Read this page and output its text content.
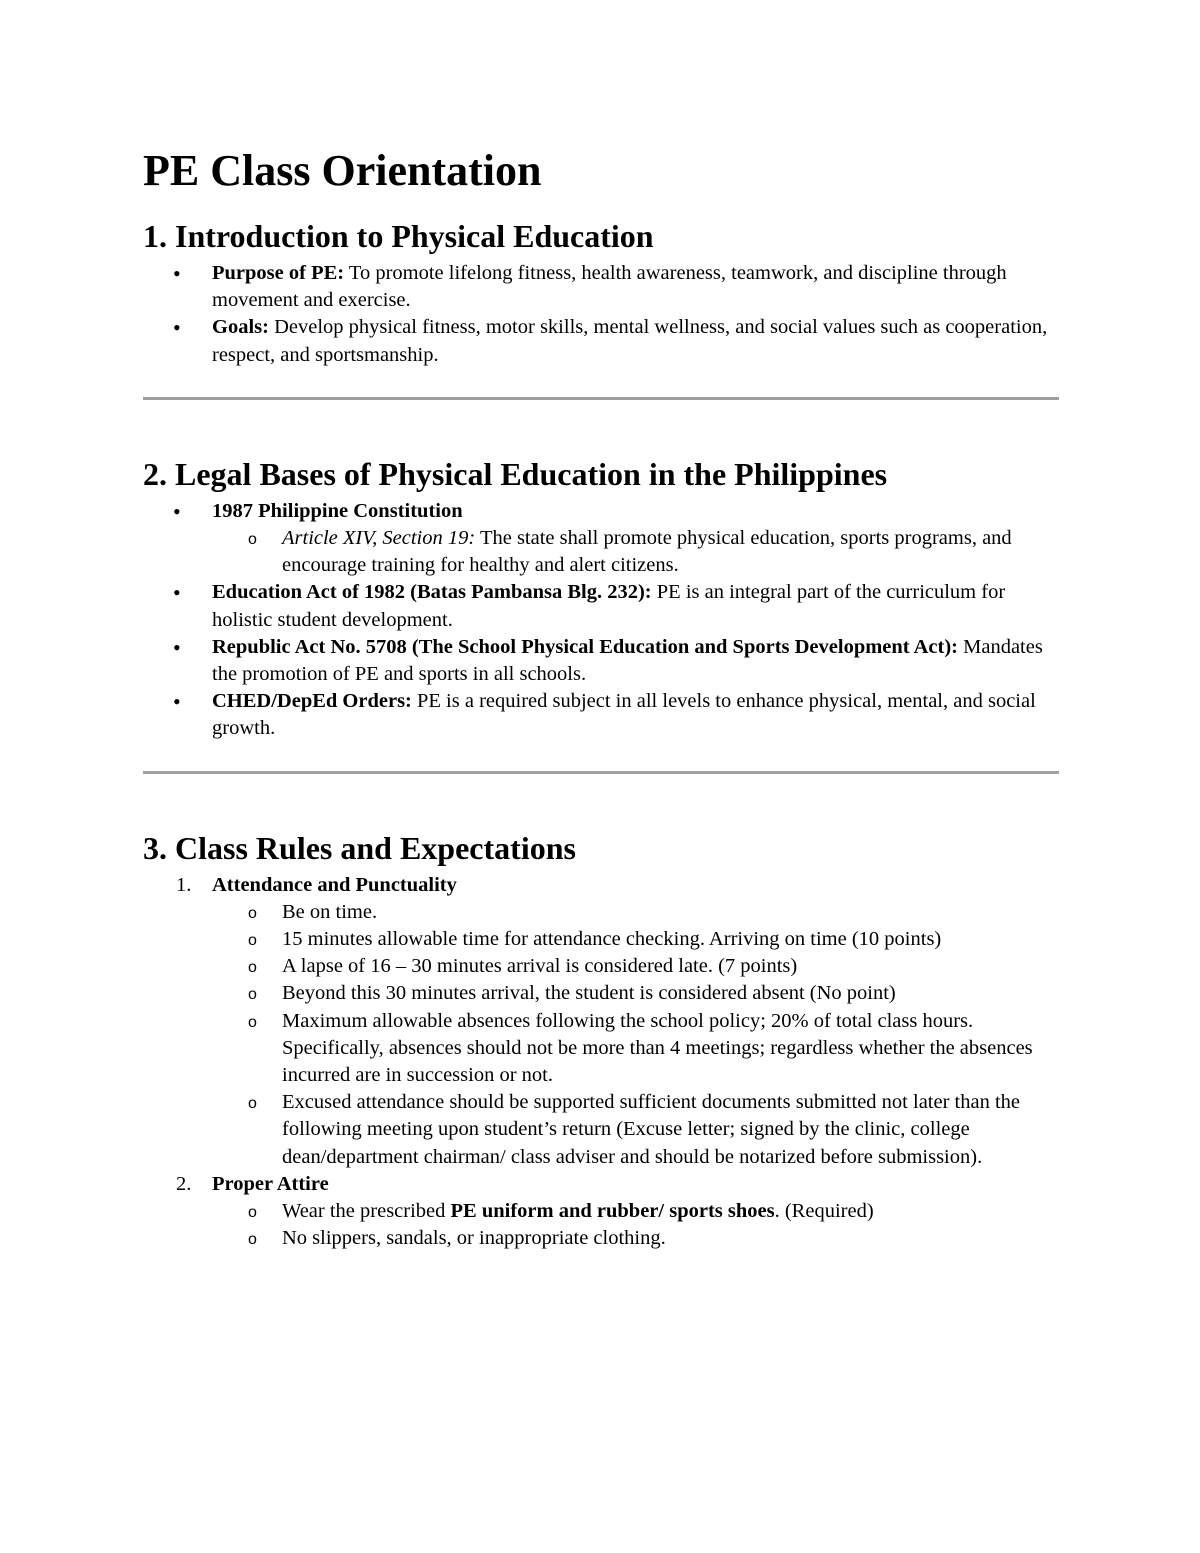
PE Class Orientation
1. Introduction to Physical Education
• Purpose of PE: To promote lifelong fitness, health awareness, teamwork, and discipline through movement and exercise.
• Goals: Develop physical fitness, motor skills, mental wellness, and social values such as cooperation, respect, and sportsmanship.
2. Legal Bases of Physical Education in the Philippines
• 1987 Philippine Constitution
o Article XIV, Section 19: The state shall promote physical education, sports programs, and encourage training for healthy and alert citizens.
• Education Act of 1982 (Batas Pambansa Blg. 232): PE is an integral part of the curriculum for holistic student development.
• Republic Act No. 5708 (The School Physical Education and Sports Development Act): Mandates the promotion of PE and sports in all schools.
• CHED/DepEd Orders: PE is a required subject in all levels to enhance physical, mental, and social growth.
3. Class Rules and Expectations
1. Attendance and Punctuality
o Be on time.
o 15 minutes allowable time for attendance checking. Arriving on time (10 points)
o A lapse of 16 – 30 minutes arrival is considered late. (7 points)
o Beyond this 30 minutes arrival, the student is considered absent (No point)
o Maximum allowable absences following the school policy; 20% of total class hours. Specifically, absences should not be more than 4 meetings; regardless whether the absences incurred are in succession or not.
o Excused attendance should be supported sufficient documents submitted not later than the following meeting upon student’s return (Excuse letter; signed by the clinic, college dean/department chairman/ class adviser and should be notarized before submission).
2. Proper Attire
o Wear the prescribed PE uniform and rubber/ sports shoes. (Required)
o No slippers, sandals, or inappropriate clothing.
